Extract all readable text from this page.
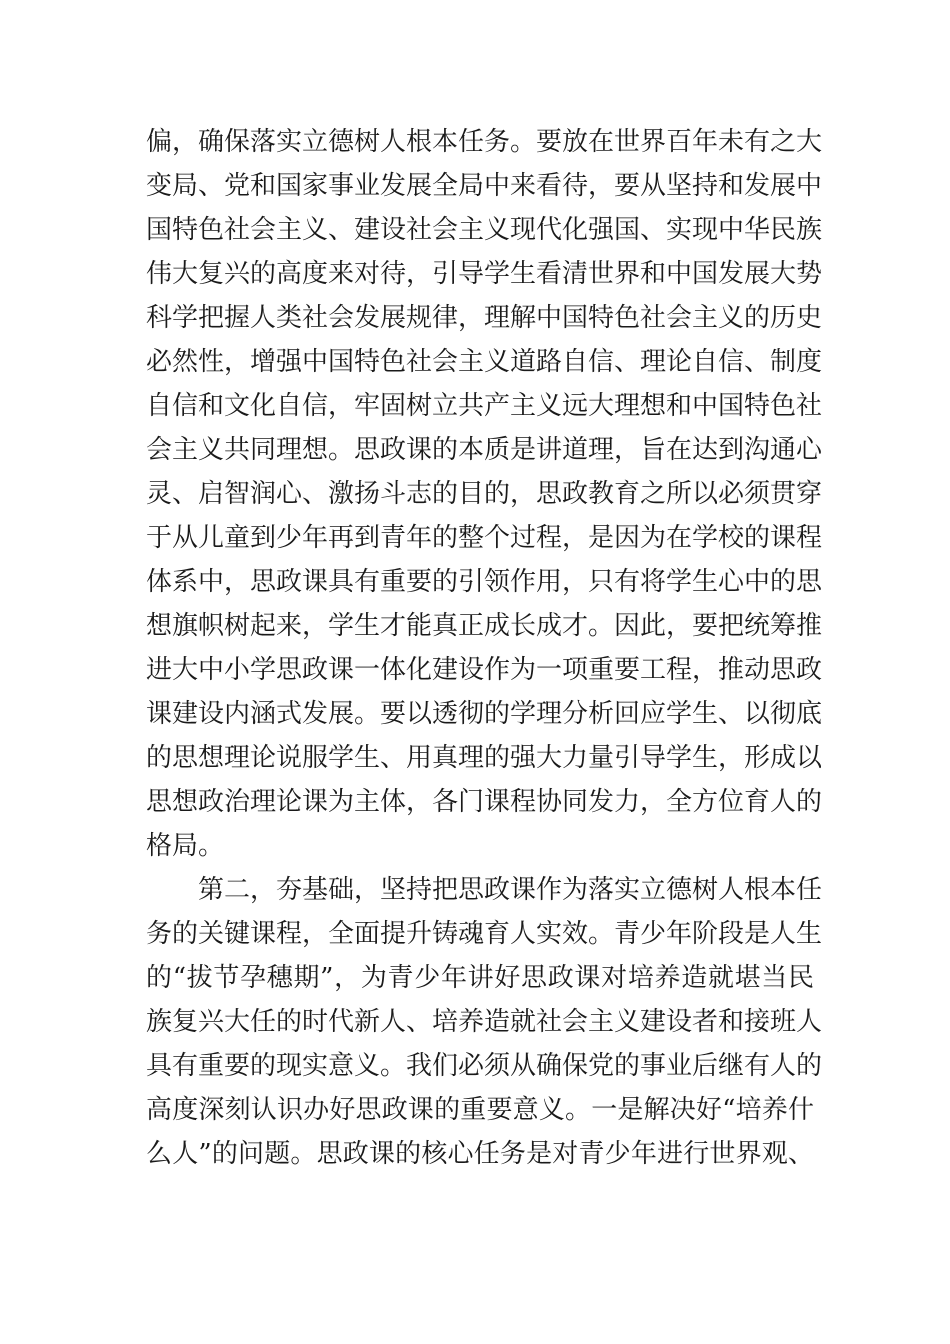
偏，确保落实立德树人根本任务。要放在世界百年未有之大
变局、党和国家事业发展全局中来看待，要从坚持和发展中
国特色社会主义、建设社会主义现代化强国、实现中华民族
伟大复兴的高度来对待，引导学生看清世界和中国发展大势
科学把握人类社会发展规律，理解中国特色社会主义的历史
必然性，增强中国特色社会主义道路自信、理论自信、制度
自信和文化自信，牢固树立共产主义远大理想和中国特色社
会主义共同理想。思政课的本质是讲道理，旨在达到沟通心
灵、启智润心、激扬斗志的目的，思政教育之所以必须贯穿
于从儿童到少年再到青年的整个过程，是因为在学校的课程
体系中，思政课具有重要的引领作用，只有将学生心中的思
想旗帜树起来，学生才能真正成长成才。因此，要把统筹推
进大中小学思政课一体化建设作为一项重要工程，推动思政
课建设内涵式发展。要以透彻的学理分析回应学生、以彻底
的思想理论说服学生、用真理的强大力量引导学生，形成以
思想政治理论课为主体，各门课程协同发力，全方位育人的
格局。
第二，夯基础，坚持把思政课作为落实立德树人根本任
务的关键课程，全面提升铸魂育人实效。青少年阶段是人生
的“拔节孕穗期”，为青少年讲好思政课对培养造就堪当民
族复兴大任的时代新人、培养造就社会主义建设者和接班人
具有重要的现实意义。我们必须从确保党的事业后继有人的
高度深刻认识办好思政课的重要意义。一是解决好“培养什
么人”的问题。思政课的核心任务是对青少年进行世界观、
